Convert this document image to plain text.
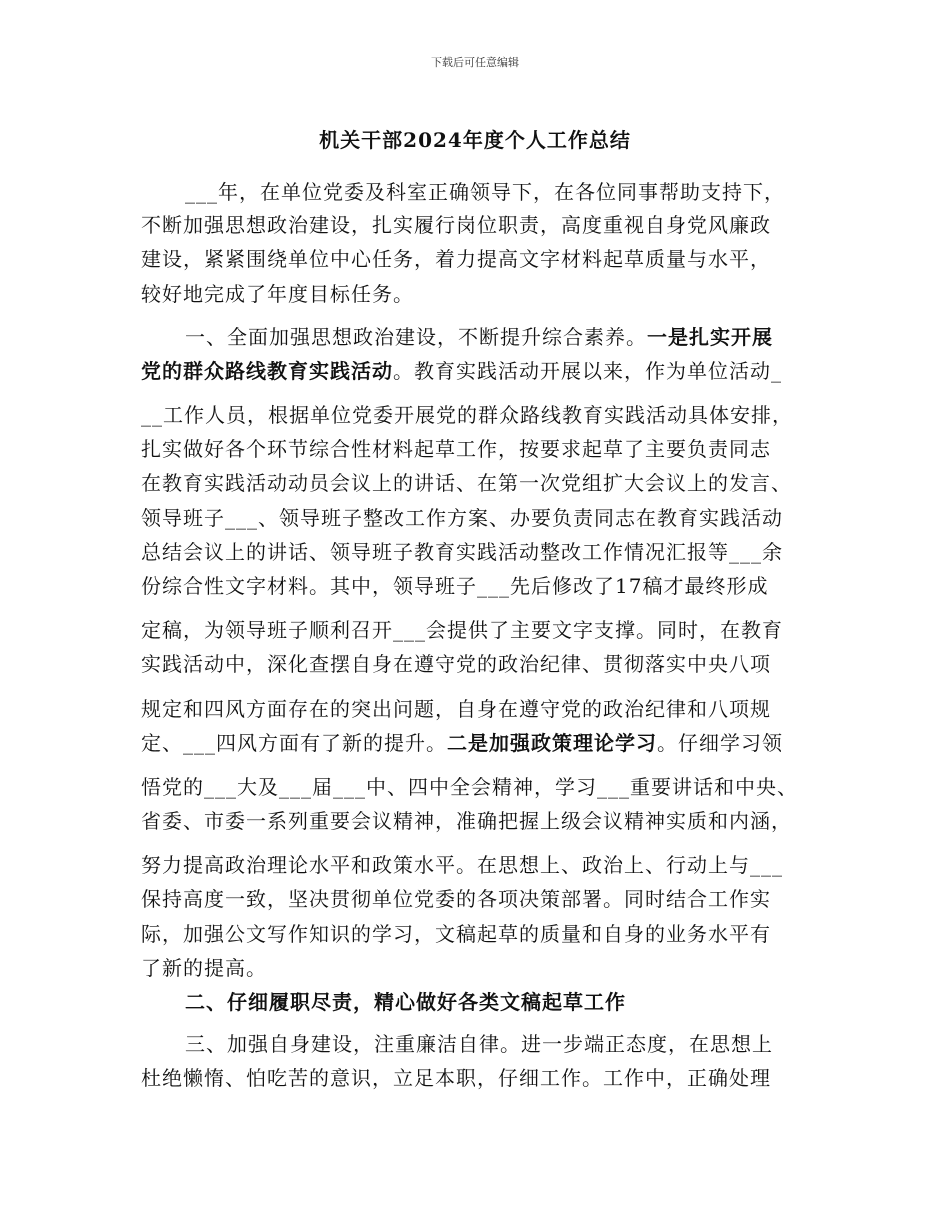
下载后可任意编辑
机关干部2024年度个人工作总结
___年，在单位党委及科室正确领导下，在各位同事帮助支持下，
不断加强思想政治建设，扎实履行岗位职责，高度重视自身党风廉政
建设，紧紧围绕单位中心任务，着力提高文字材料起草质量与水平，
较好地完成了年度目标任务。
一、全面加强思想政治建设，不断提升综合素养。一是扎实开展
党的群众路线教育实践活动。教育实践活动开展以来，作为单位活动_
__工作人员，根据单位党委开展党的群众路线教育实践活动具体安排，
扎实做好各个环节综合性材料起草工作，按要求起草了主要负责同志
在教育实践活动动员会议上的讲话、在第一次党组扩大会议上的发言、
领导班子___、领导班子整改工作方案、办要负责同志在教育实践活动
总结会议上的讲话、领导班子教育实践活动整改工作情况汇报等___余
份综合性文字材料。其中，领导班子___先后修改了17稿才最终形成
定稿，为领导班子顺利召开___会提供了主要文字支撑。同时，在教育
实践活动中，深化查摆自身在遵守党的政治纪律、贯彻落实中央八项
规定和四风方面存在的突出问题，自身在遵守党的政治纪律和八项规
定、___四风方面有了新的提升。二是加强政策理论学习。仔细学习领
悟党的___大及___届___中、四中全会精神，学习___重要讲话和中央、
省委、市委一系列重要会议精神，准确把握上级会议精神实质和内涵，
努力提高政治理论水平和政策水平。在思想上、政治上、行动上与___
保持高度一致，坚决贯彻单位党委的各项决策部署。同时结合工作实
际，加强公文写作知识的学习，文稿起草的质量和自身的业务水平有
了新的提高。
二、仔细履职尽责，精心做好各类文稿起草工作
三、加强自身建设，注重廉洁自律。进一步端正态度，在思想上
杜绝懒惰、怕吃苦的意识，立足本职，仔细工作。工作中，正确处理
